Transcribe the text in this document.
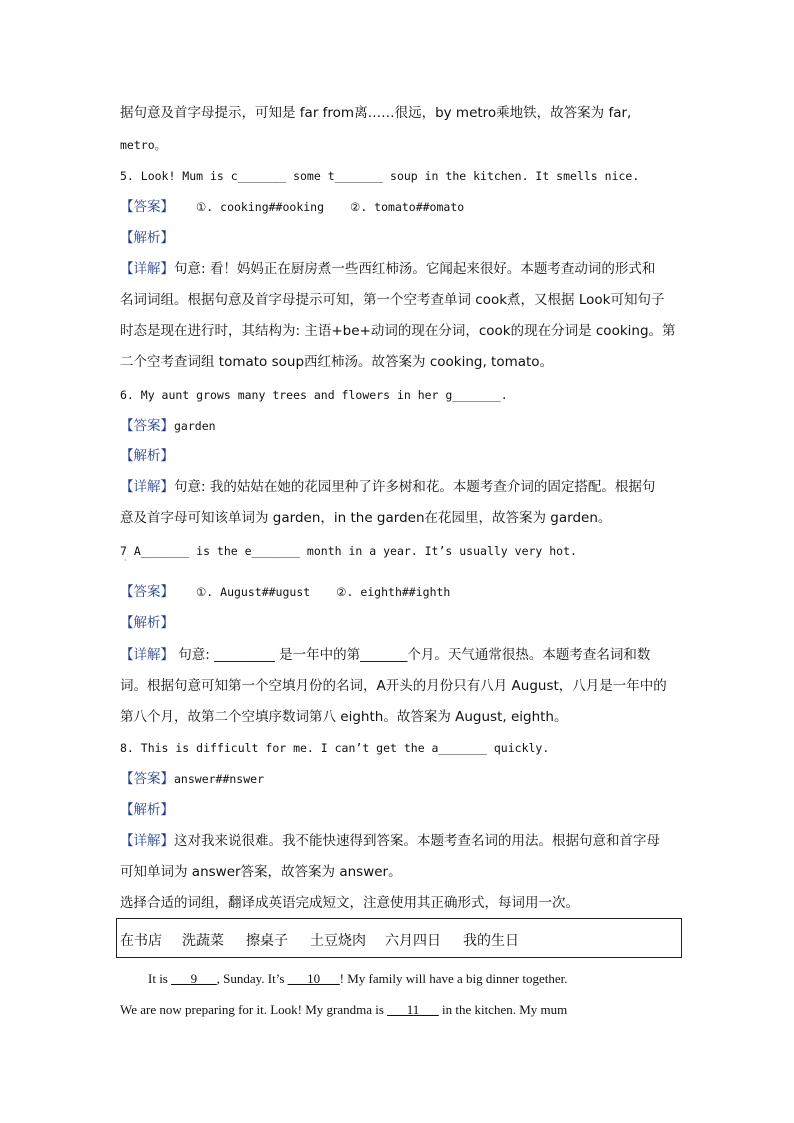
据句意及首字母提示，可知是 far from离……很远，by metro乘地铁，故答案为 far,
metro。
5. Look! Mum is c_______ some t_______ soup in the kitchen. It smells nice.
【答案】 ①. cooking##ooking ②. tomato##omato
【解析】
【详解】句意: 看！妈妈正在厨房煮一些西红柿汤。它闻起来很好。本题考查动词的形式和
名词词组。根据句意及首字母提示可知，第一个空考查单词 cook煮，又根据 Look可知句子
时态是现在进行时，其结构为: 主语+be+动词的现在分词，cook的现在分词是 cooking。第
二个空考查词组 tomato soup西红柿汤。故答案为 cooking, tomato。
6. My aunt grows many trees and flowers in her g_______.
【答案】garden
【解析】
【详解】句意: 我的姑姑在她的花园里种了许多树和花。本题考查介词的固定搭配。根据句
意及首字母可知该单词为 garden，in the garden在花园里，故答案为 garden。
7 A_______ is the e_______ month in a year. It’s usually very hot.
·
【答案】 ①. August##ugust ②. eighth##ighth
【解析】
【详解】 句意: _________ 是一年中的第_______个月。天气通常很热。本题考查名词和数
词。根据句意可知第一个空填月份的名词，A开头的月份只有八月 August，八月是一年中的
第八个月，故第二个空填序数词第八 eighth。故答案为 August, eighth。
8. This is difficult for me. I can’t get the a_______ quickly.
【答案】answer##nswer
【解析】
【详解】这对我来说很难。我不能快速得到答案。本题考查名词的用法。根据句意和首字母
可知单词为 answer答案，故答案为 answer。
选择合适的词组，翻译成英语完成短文，注意使用其正确形式，每词用一次。
在书店 洗蔬菜 擦桌子 土豆烧肉 六月四日 我的生日
It is ___9___, Sunday. It’s ___10___! My family will have a big dinner together.
We are now preparing for it. Look! My grandma is ___11___ in the kitchen. My mum
